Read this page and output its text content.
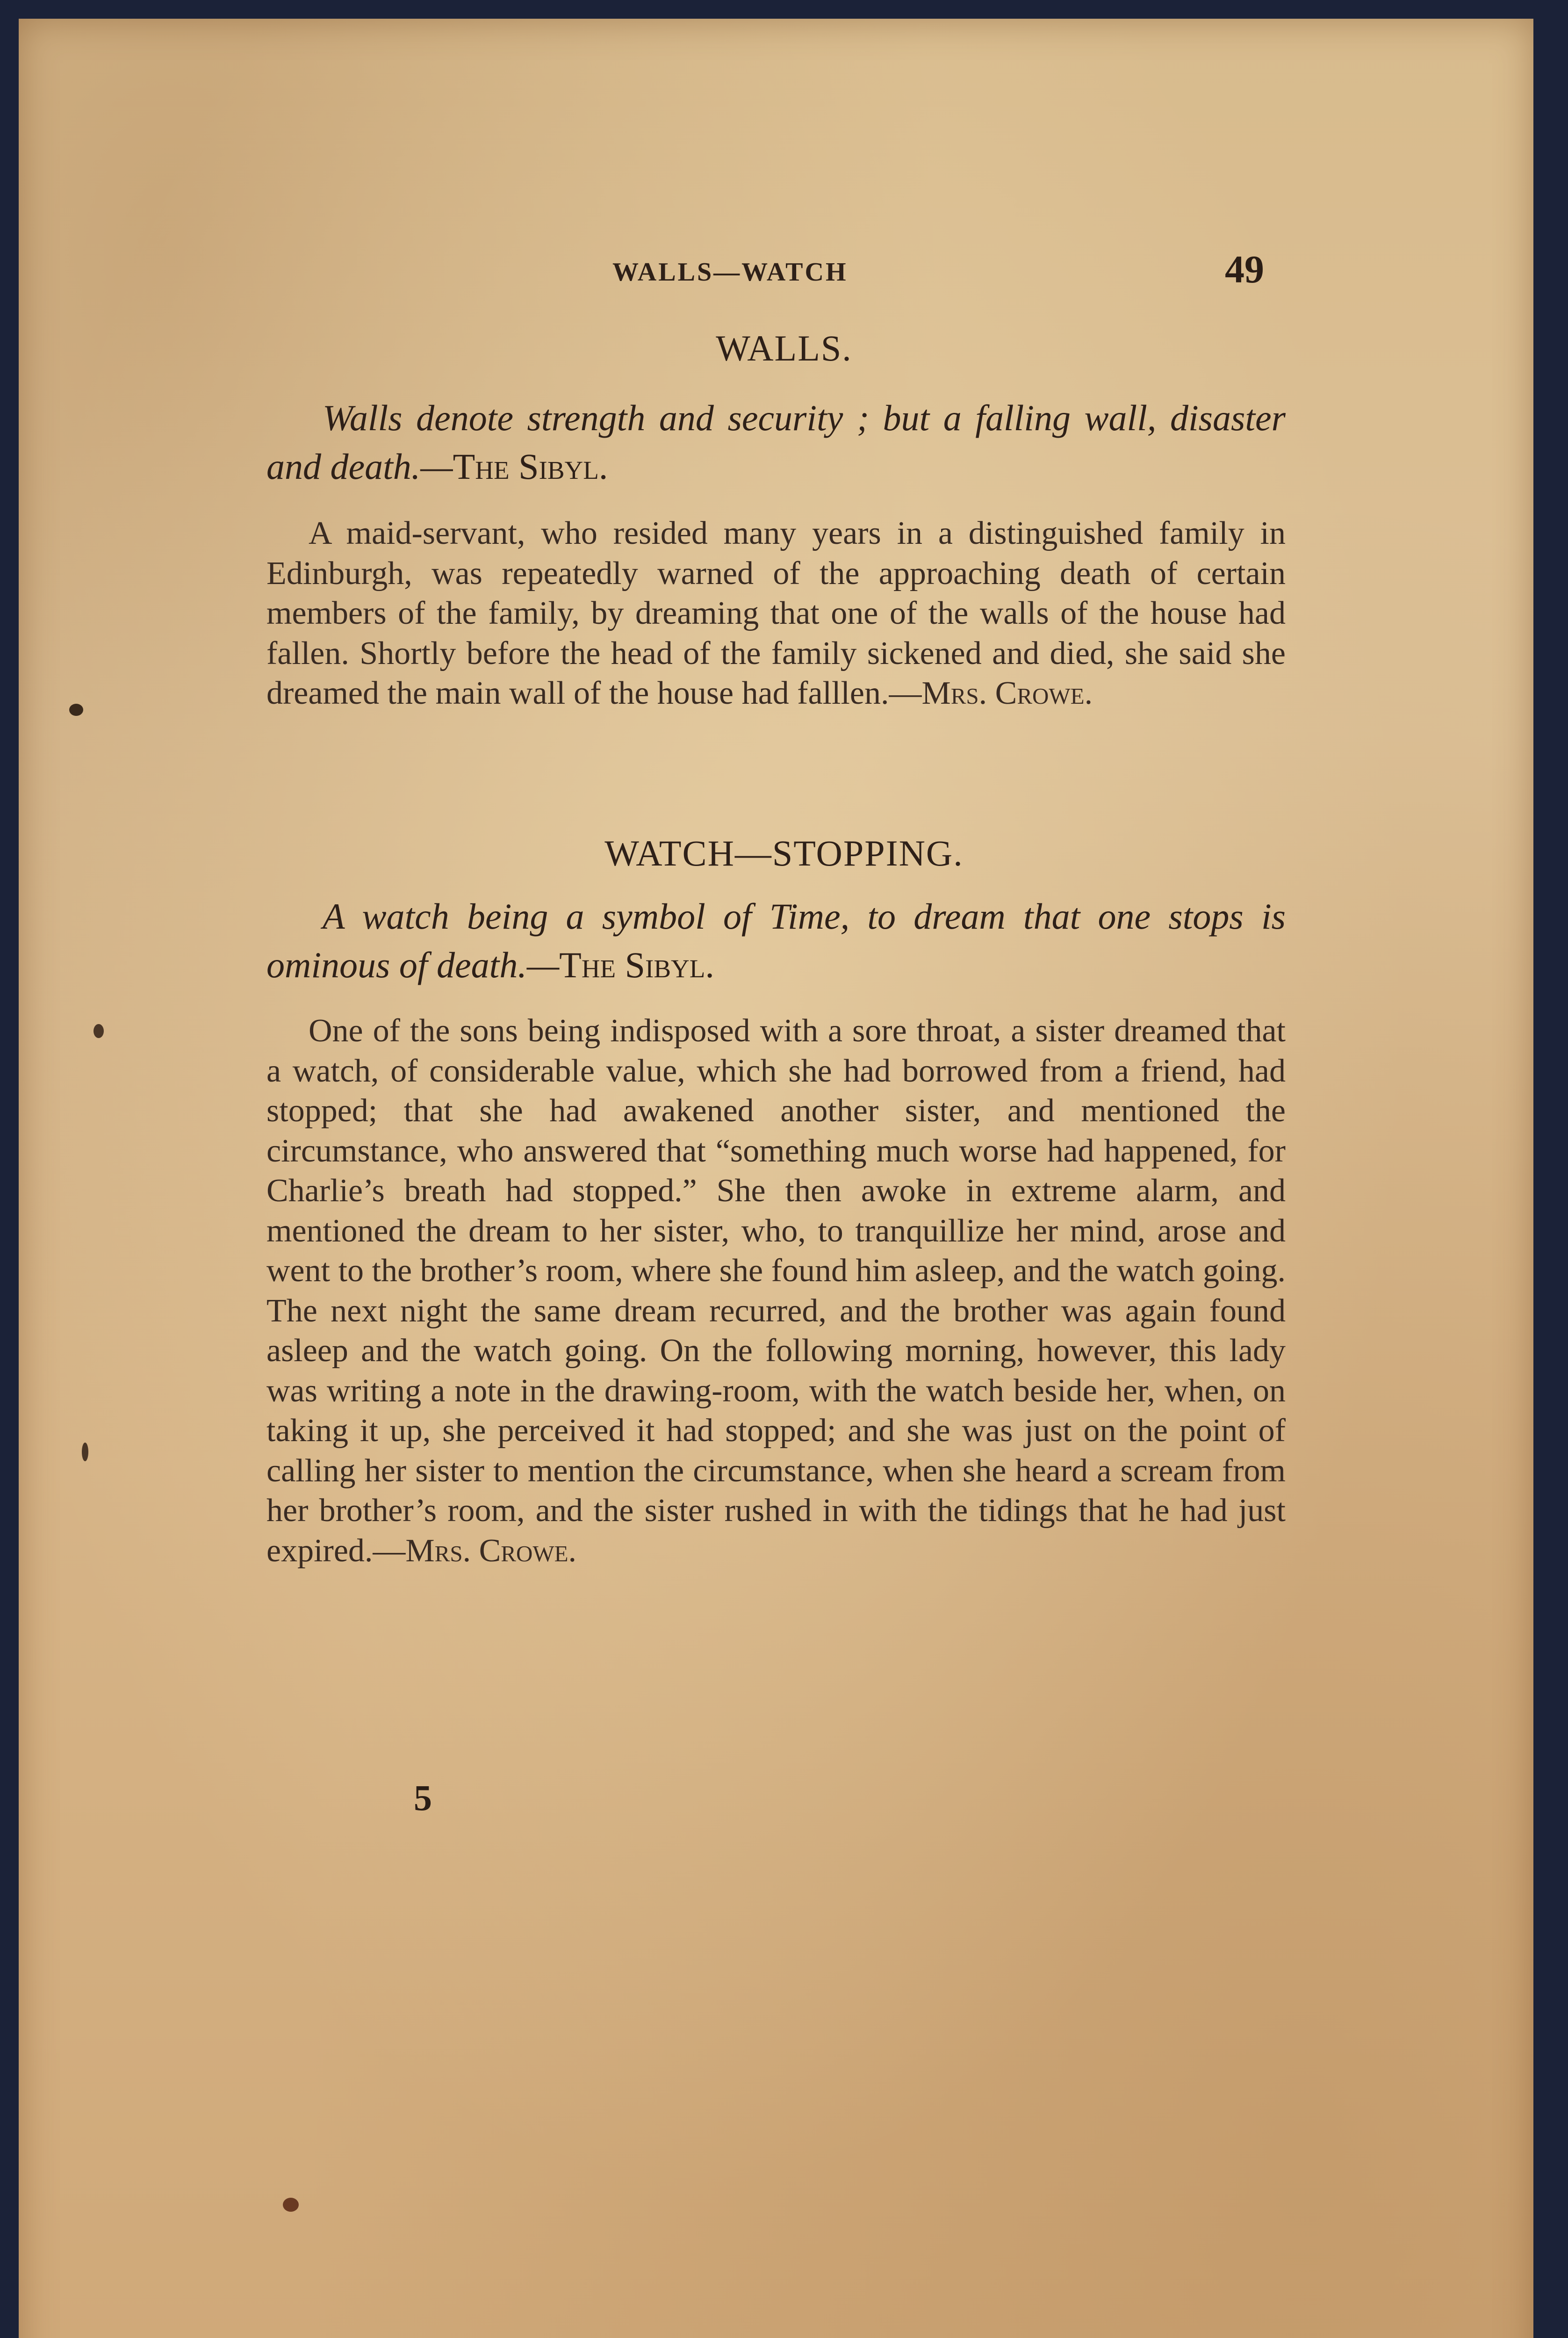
WALLS—WATCH	49
WALLS.
Walls denote strength and security ; but a falling wall, disaster and death.—The Sibyl.
A maid-servant, who resided many years in a distinguished family in Edinburgh, was repeatedly warned of the approaching death of certain members of the family, by dreaming that one of the walls of the house had fallen. Shortly before the head of the family sickened and died, she said she dreamed the main wall of the house had falllen.—Mrs. Crowe.
WATCH—STOPPING.
A watch being a symbol of Time, to dream that one stops is ominous of death.—The Sibyl.
One of the sons being indisposed with a sore throat, a sister dreamed that a watch, of considerable value, which she had borrowed from a friend, had stopped; that she had awakened another sister, and mentioned the circumstance, who answered that “something much worse had happened, for Charlie’s breath had stopped.” She then awoke in extreme alarm, and mentioned the dream to her sister, who, to tranquillize her mind, arose and went to the brother’s room, where she found him asleep, and the watch going. The next night the same dream recurred, and the brother was again found asleep and the watch going. On the following morning, however, this lady was writing a note in the drawing-room, with the watch beside her, when, on taking it up, she perceived it had stopped; and she was just on the point of calling her sister to mention the circumstance, when she heard a scream from her brother’s room, and the sister rushed in with the tidings that he had just expired.—Mrs. Crowe.
5
